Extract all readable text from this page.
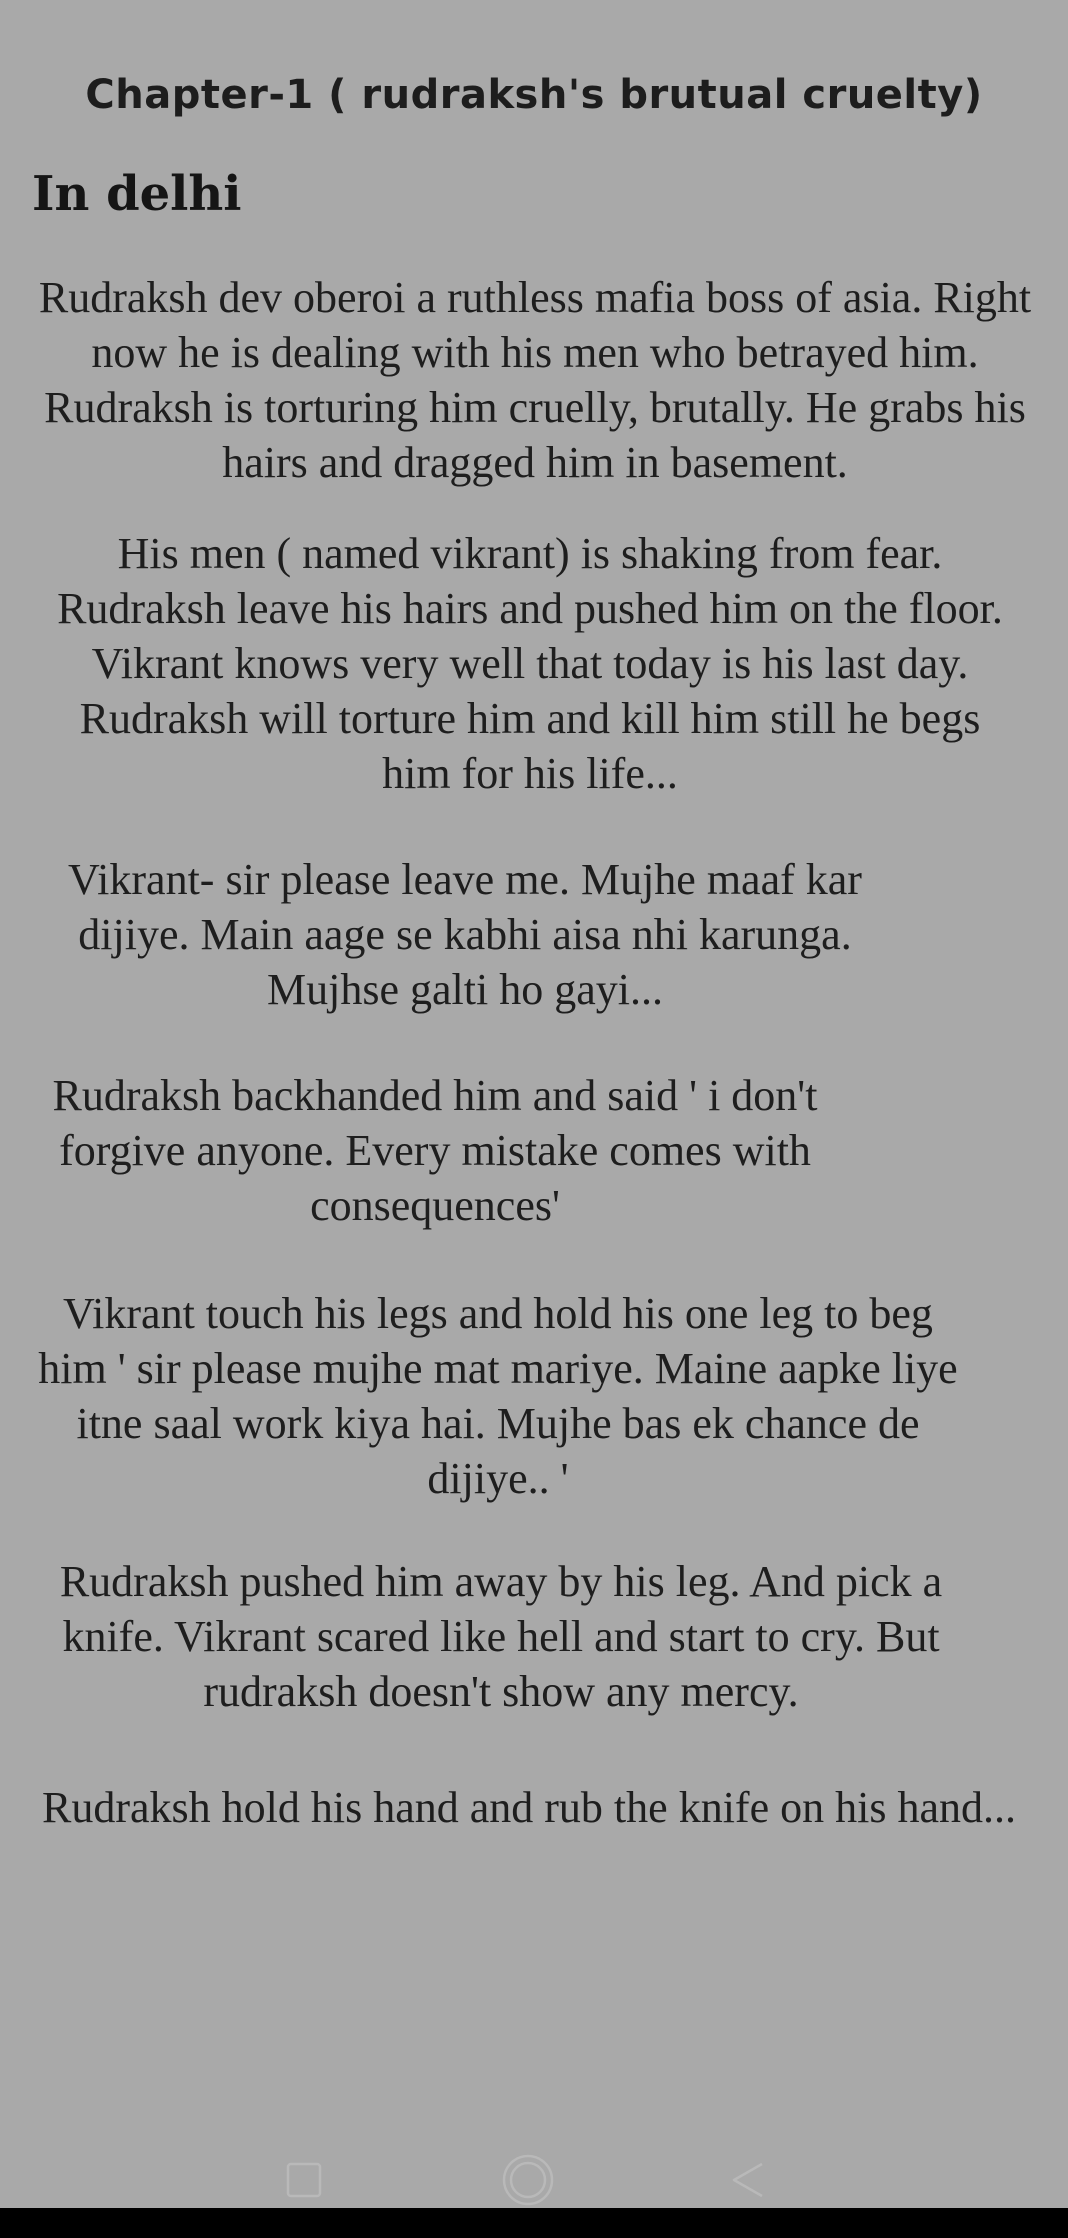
Chapter-1 ( rudraksh's brutual cruelty)
In delhi

Rudraksh dev oberoi a ruthless mafia boss of asia. Right now he is dealing with his men who betrayed him. Rudraksh is torturing him cruelly, brutally. He grabs his hairs and dragged him in basement.

His men ( named vikrant) is shaking from fear. Rudraksh leave his hairs and pushed him on the floor. Vikrant knows very well that today is his last day. Rudraksh will torture him and kill him still he begs him for his life...

Vikrant- sir please leave me. Mujhe maaf kar dijiye. Main aage se kabhi aisa nhi karunga. Mujhse galti ho gayi...

Rudraksh backhanded him and said ' i don't forgive anyone. Every mistake comes with consequences'

Vikrant touch his legs and hold his one leg to beg him ' sir please mujhe mat mariye. Maine aapke liye itne saal work kiya hai. Mujhe bas ek chance de dijiye.. '

Rudraksh pushed him away by his leg. And pick a knife. Vikrant scared like hell and start to cry. But rudraksh doesn't show any mercy.

Rudraksh hold his hand and rub the knife on his hand...
